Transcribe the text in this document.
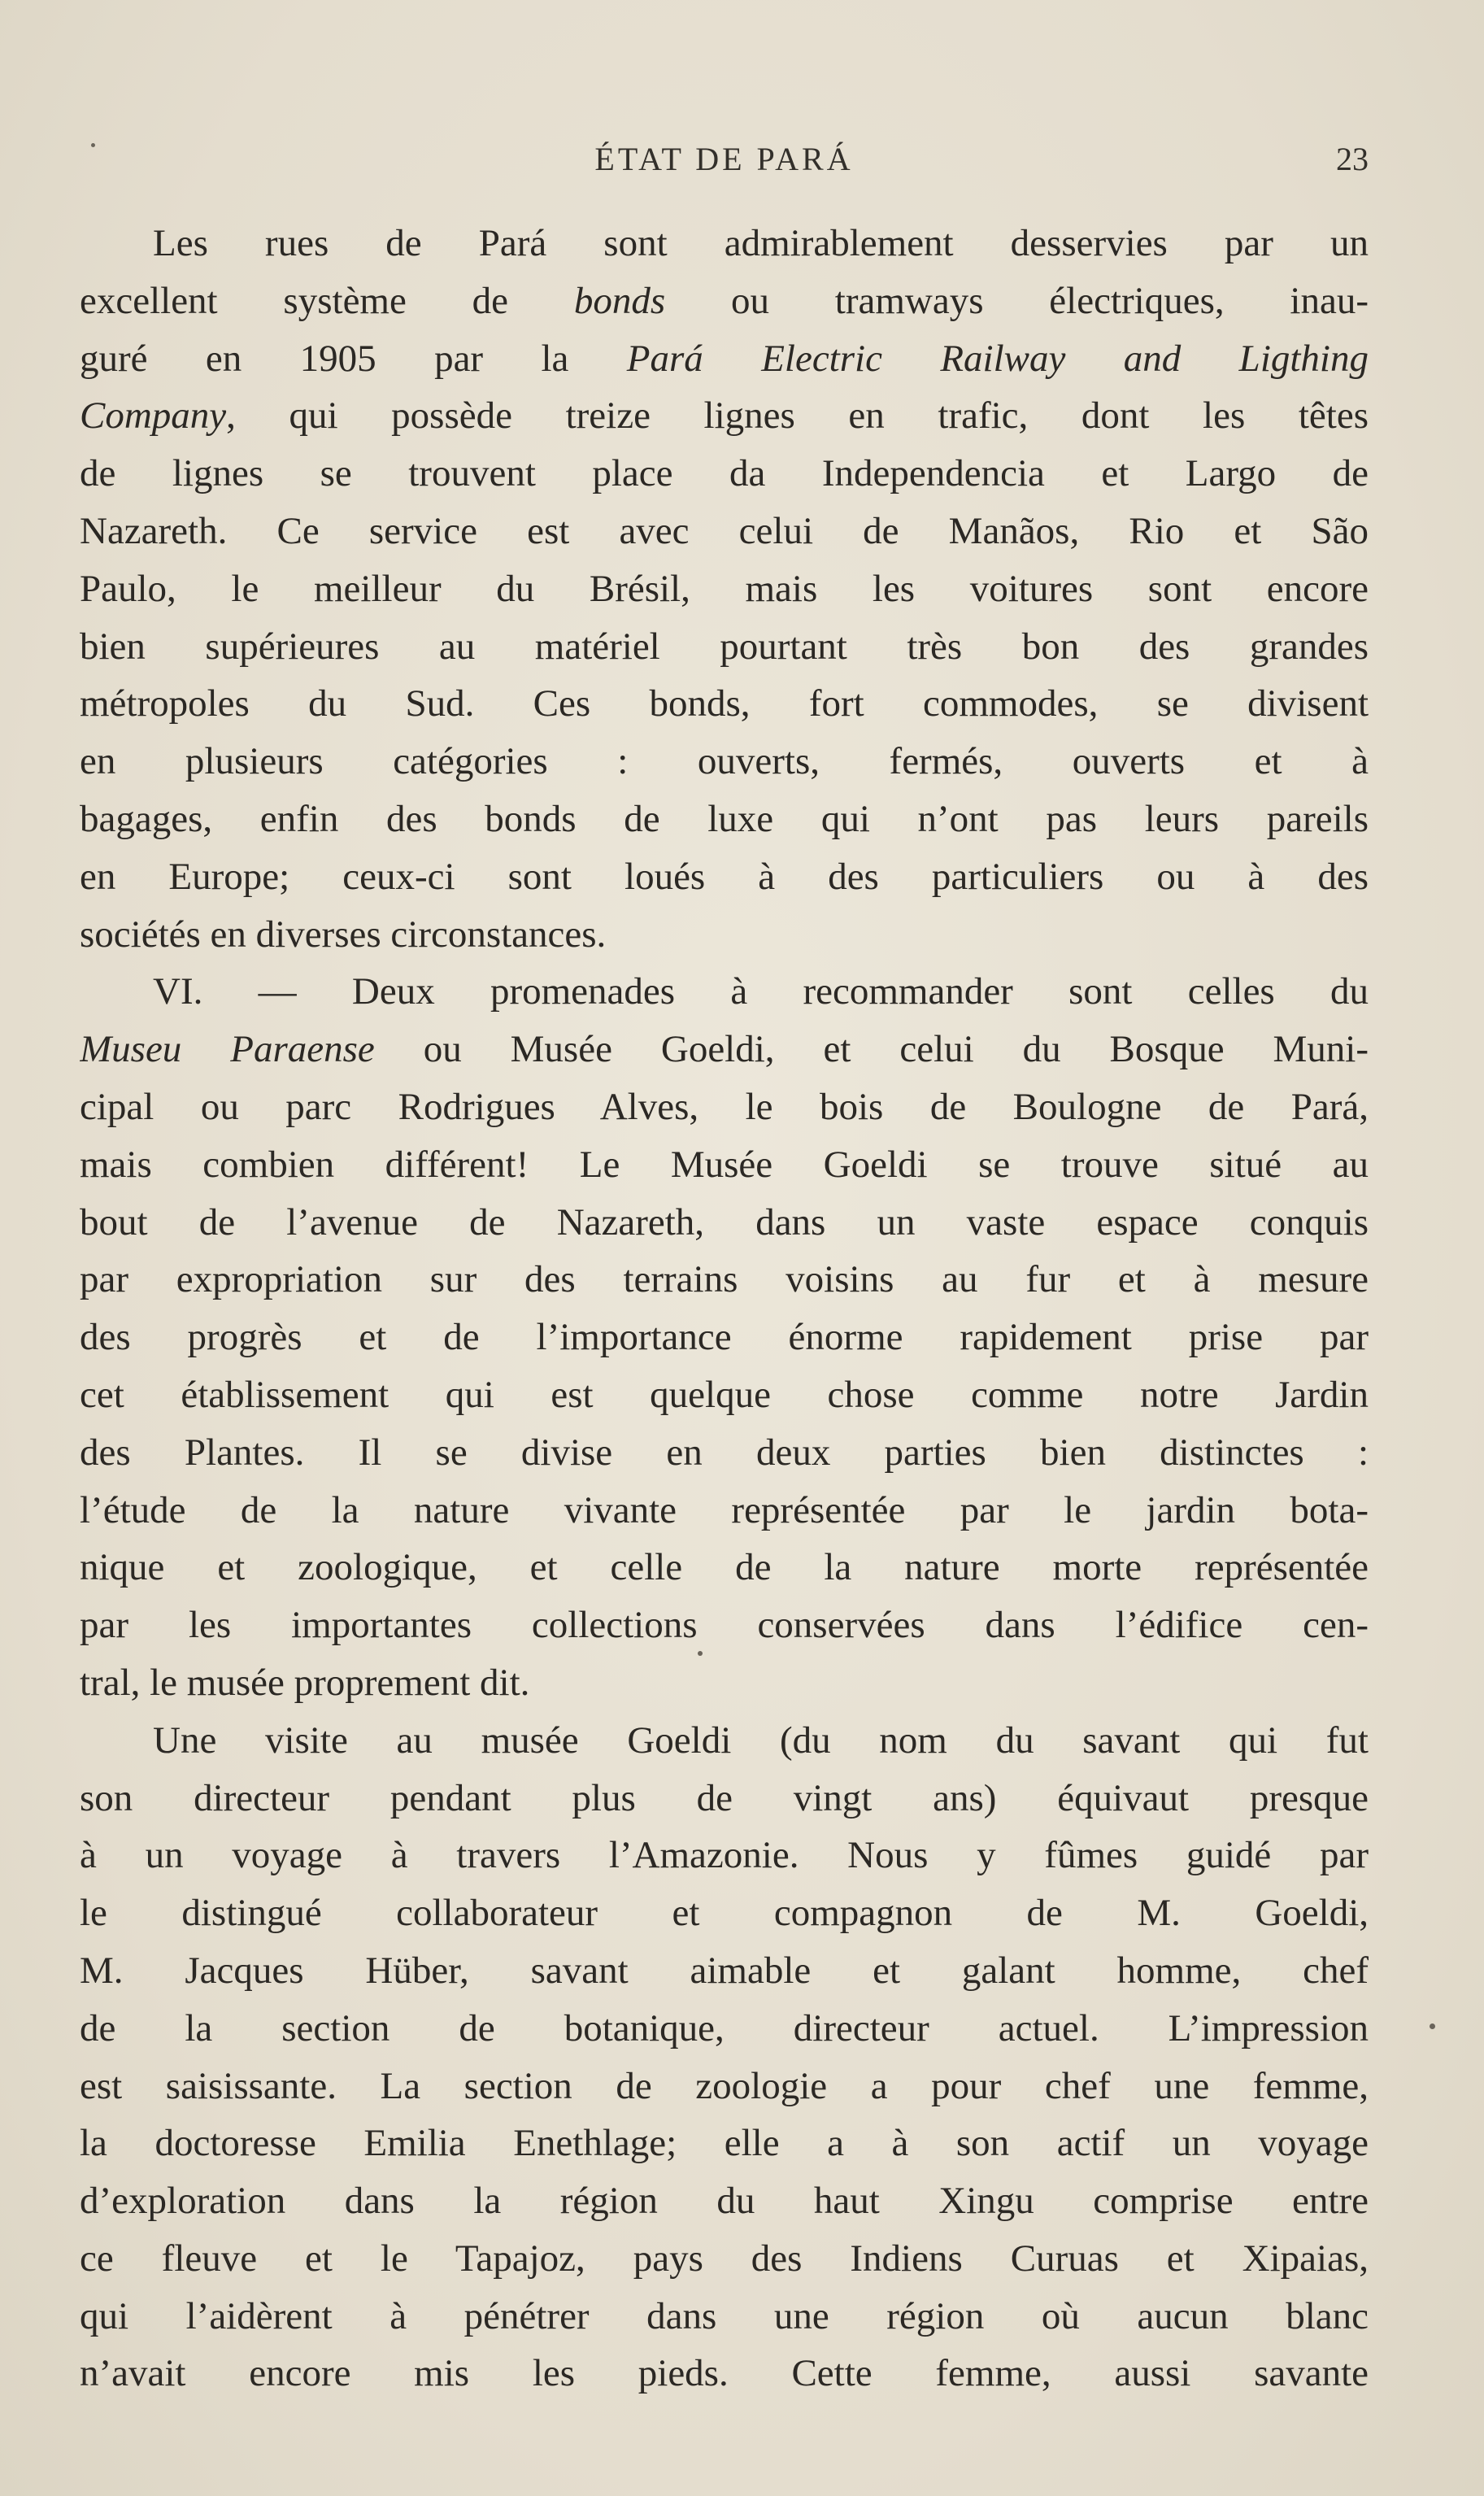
ÉTAT DE PARÁ	23
Les rues de Pará sont admirablement desservies par un
excellent système de bonds ou tramways électriques, inau-
guré en 1905 par la Pará Electric Railway and Ligthing
Company, qui possède treize lignes en trafic, dont les têtes
de lignes se trouvent place da Independencia et Largo de
Nazareth. Ce service est avec celui de Manãos, Rio et São
Paulo, le meilleur du Brésil, mais les voitures sont encore
bien supérieures au matériel pourtant très bon des grandes
métropoles du Sud. Ces bonds, fort commodes, se divisent
en plusieurs catégories : ouverts, fermés, ouverts et à
bagages, enfin des bonds de luxe qui n’ont pas leurs pareils
en Europe; ceux-ci sont loués à des particuliers ou à des
sociétés en diverses circonstances.
VI. — Deux promenades à recommander sont celles du
Museu Paraense ou Musée Goeldi, et celui du Bosque Muni-
cipal ou parc Rodrigues Alves, le bois de Boulogne de Pará,
mais combien différent! Le Musée Goeldi se trouve situé au
bout de l’avenue de Nazareth, dans un vaste espace conquis
par expropriation sur des terrains voisins au fur et à mesure
des progrès et de l’importance énorme rapidement prise par
cet établissement qui est quelque chose comme notre Jardin
des Plantes. Il se divise en deux parties bien distinctes :
l’étude de la nature vivante représentée par le jardin bota-
nique et zoologique, et celle de la nature morte représentée
par les importantes collections conservées dans l’édifice cen-
tral, le musée proprement dit.
Une visite au musée Goeldi (du nom du savant qui fut
son directeur pendant plus de vingt ans) équivaut presque
à un voyage à travers l’Amazonie. Nous y fûmes guidé par
le distingué collaborateur et compagnon de M. Goeldi,
M. Jacques Hüber, savant aimable et galant homme, chef
de la section de botanique, directeur actuel. L’impression
est saisissante. La section de zoologie a pour chef une femme,
la doctoresse Emilia Enethlage; elle a à son actif un voyage
d’exploration dans la région du haut Xingu comprise entre
ce fleuve et le Tapajoz, pays des Indiens Curuas et Xipaias,
qui l’aidèrent à pénétrer dans une région où aucun blanc
n’avait encore mis les pieds. Cette femme, aussi savante
